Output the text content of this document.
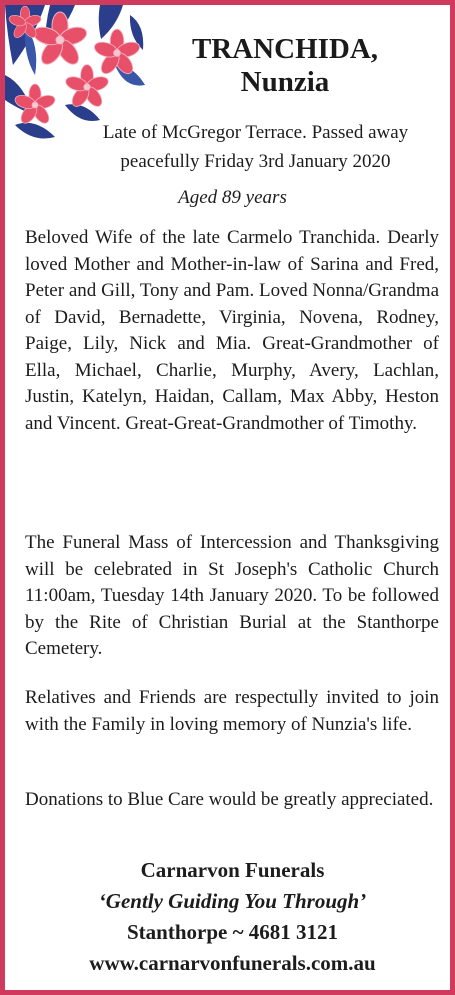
TRANCHIDA,
Nunzia
Late of McGregor Terrace. Passed away
peacefully Friday 3rd January 2020
Aged 89 years
Beloved Wife of the late Carmelo Tranchida. Dearly loved Mother and Mother-in-law of Sarina and Fred, Peter and Gill, Tony and Pam. Loved Nonna/Grandma of David, Bernadette, Virginia, Novena, Rodney, Paige, Lily, Nick and Mia. Great-Grandmother of Ella, Michael, Charlie, Murphy, Avery, Lachlan, Justin, Katelyn, Haidan, Callam, Max Abby, Heston and Vincent. Great-Great-Grandmother of Timothy.
The Funeral Mass of Intercession and Thanksgiving will be celebrated in St Joseph's Catholic Church 11:00am, Tuesday 14th January 2020. To be followed by the Rite of Christian Burial at the Stanthorpe Cemetery.
Relatives and Friends are respectully invited to join with the Family in loving memory of Nunzia's life.
Donations to Blue Care would be greatly appreciated.
Carnarvon Funerals
‘Gently Guiding You Through’
Stanthorpe ~ 4681 3121
www.carnarvonfunerals.com.au
